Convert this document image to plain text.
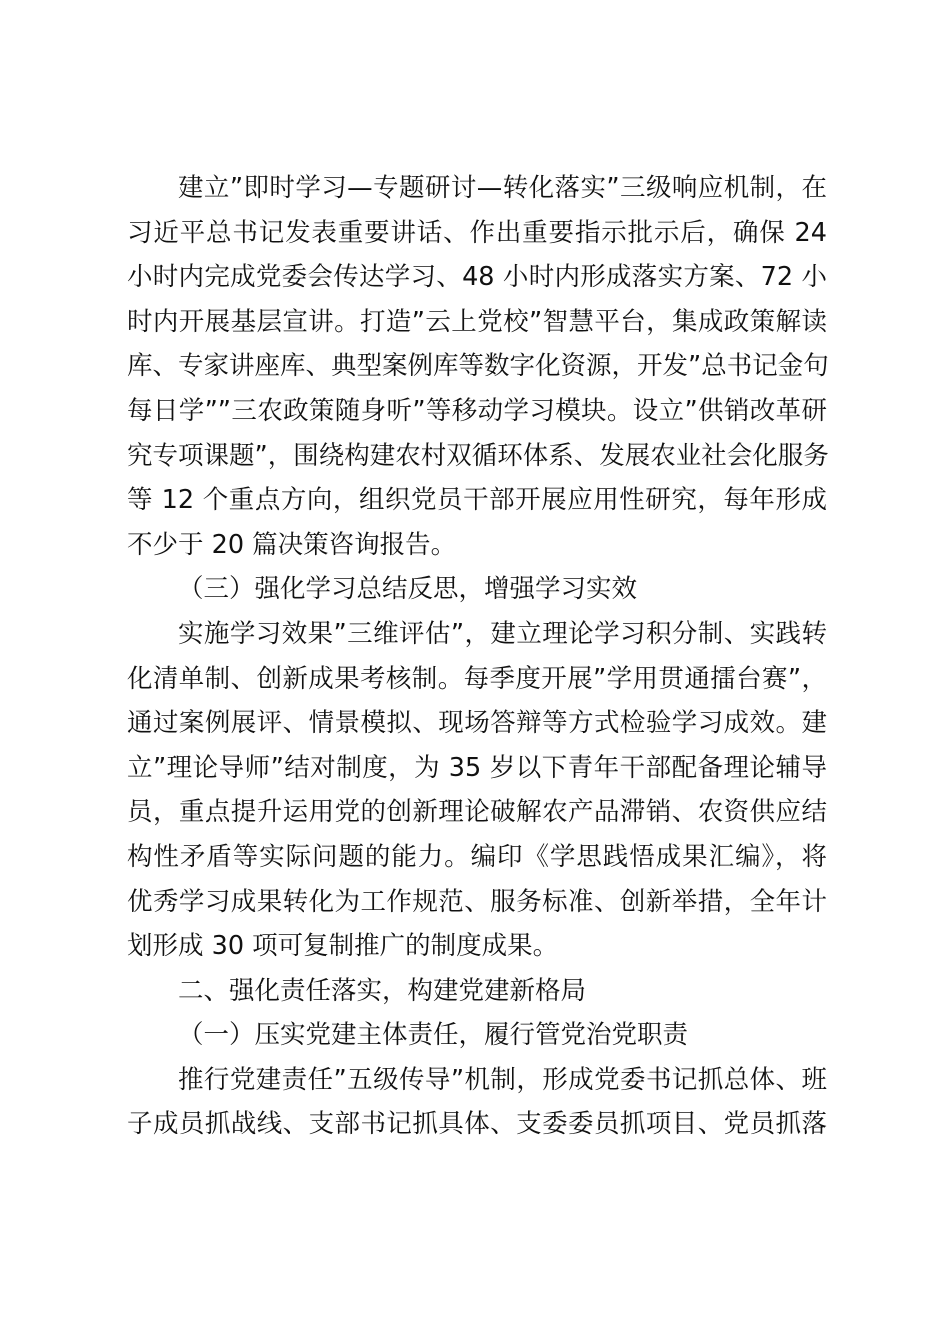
建立”即时学习—专题研讨—转化落实”三级响应机制，在
习近平总书记发表重要讲话、作出重要指示批示后，确保 24
小时内完成党委会传达学习、48 小时内形成落实方案、72 小
时内开展基层宣讲。打造”云上党校”智慧平台，集成政策解读
库、专家讲座库、典型案例库等数字化资源，开发”总书记金句
每日学””三农政策随身听”等移动学习模块。设立”供销改革研
究专项课题”，围绕构建农村双循环体系、发展农业社会化服务
等 12 个重点方向，组织党员干部开展应用性研究，每年形成
不少于 20 篇决策咨询报告。
（三）强化学习总结反思，增强学习实效
实施学习效果”三维评估”，建立理论学习积分制、实践转
化清单制、创新成果考核制。每季度开展”学用贯通擂台赛”，
通过案例展评、情景模拟、现场答辩等方式检验学习成效。建
立”理论导师”结对制度，为 35 岁以下青年干部配备理论辅导
员，重点提升运用党的创新理论破解农产品滞销、农资供应结
构性矛盾等实际问题的能力。编印《学思践悟成果汇编》，将
优秀学习成果转化为工作规范、服务标准、创新举措，全年计
划形成 30 项可复制推广的制度成果。
二、强化责任落实，构建党建新格局
（一）压实党建主体责任，履行管党治党职责
推行党建责任”五级传导”机制，形成党委书记抓总体、班
子成员抓战线、支部书记抓具体、支委委员抓项目、党员抓落
